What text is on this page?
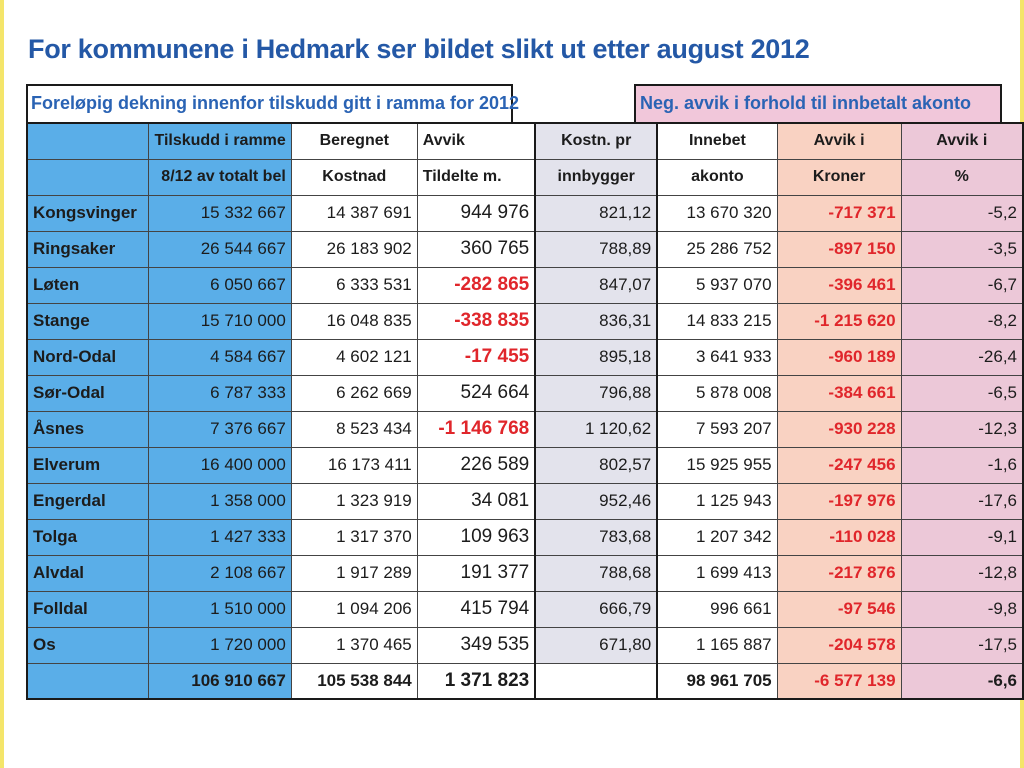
For kommunene i Hedmark ser bildet slikt ut etter august 2012
Foreløpig dekning innenfor tilskudd gitt i ramma for 2012	Neg. avvik i forhold til innbetalt akonto
	Tilskudd i ramme	Beregnet	Avvik	Kostn. pr	Innebet	Avvik i	Avvik i
	8/12 av totalt bel	Kostnad	Tildelte m.	innbygger	akonto	Kroner	%
Kongsvinger	15 332 667	14 387 691	944 976	821,12	13 670 320	-717 371	-5,2
Ringsaker	26 544 667	26 183 902	360 765	788,89	25 286 752	-897 150	-3,5
Løten	6 050 667	6 333 531	-282 865	847,07	5 937 070	-396 461	-6,7
Stange	15 710 000	16 048 835	-338 835	836,31	14 833 215	-1 215 620	-8,2
Nord-Odal	4 584 667	4 602 121	-17 455	895,18	3 641 933	-960 189	-26,4
Sør-Odal	6 787 333	6 262 669	524 664	796,88	5 878 008	-384 661	-6,5
Åsnes	7 376 667	8 523 434	-1 146 768	1 120,62	7 593 207	-930 228	-12,3
Elverum	16 400 000	16 173 411	226 589	802,57	15 925 955	-247 456	-1,6
Engerdal	1 358 000	1 323 919	34 081	952,46	1 125 943	-197 976	-17,6
Tolga	1 427 333	1 317 370	109 963	783,68	1 207 342	-110 028	-9,1
Alvdal	2 108 667	1 917 289	191 377	788,68	1 699 413	-217 876	-12,8
Folldal	1 510 000	1 094 206	415 794	666,79	996 661	-97 546	-9,8
Os	1 720 000	1 370 465	349 535	671,80	1 165 887	-204 578	-17,5
	106 910 667	105 538 844	1 371 823		98 961 705	-6 577 139	-6,6
